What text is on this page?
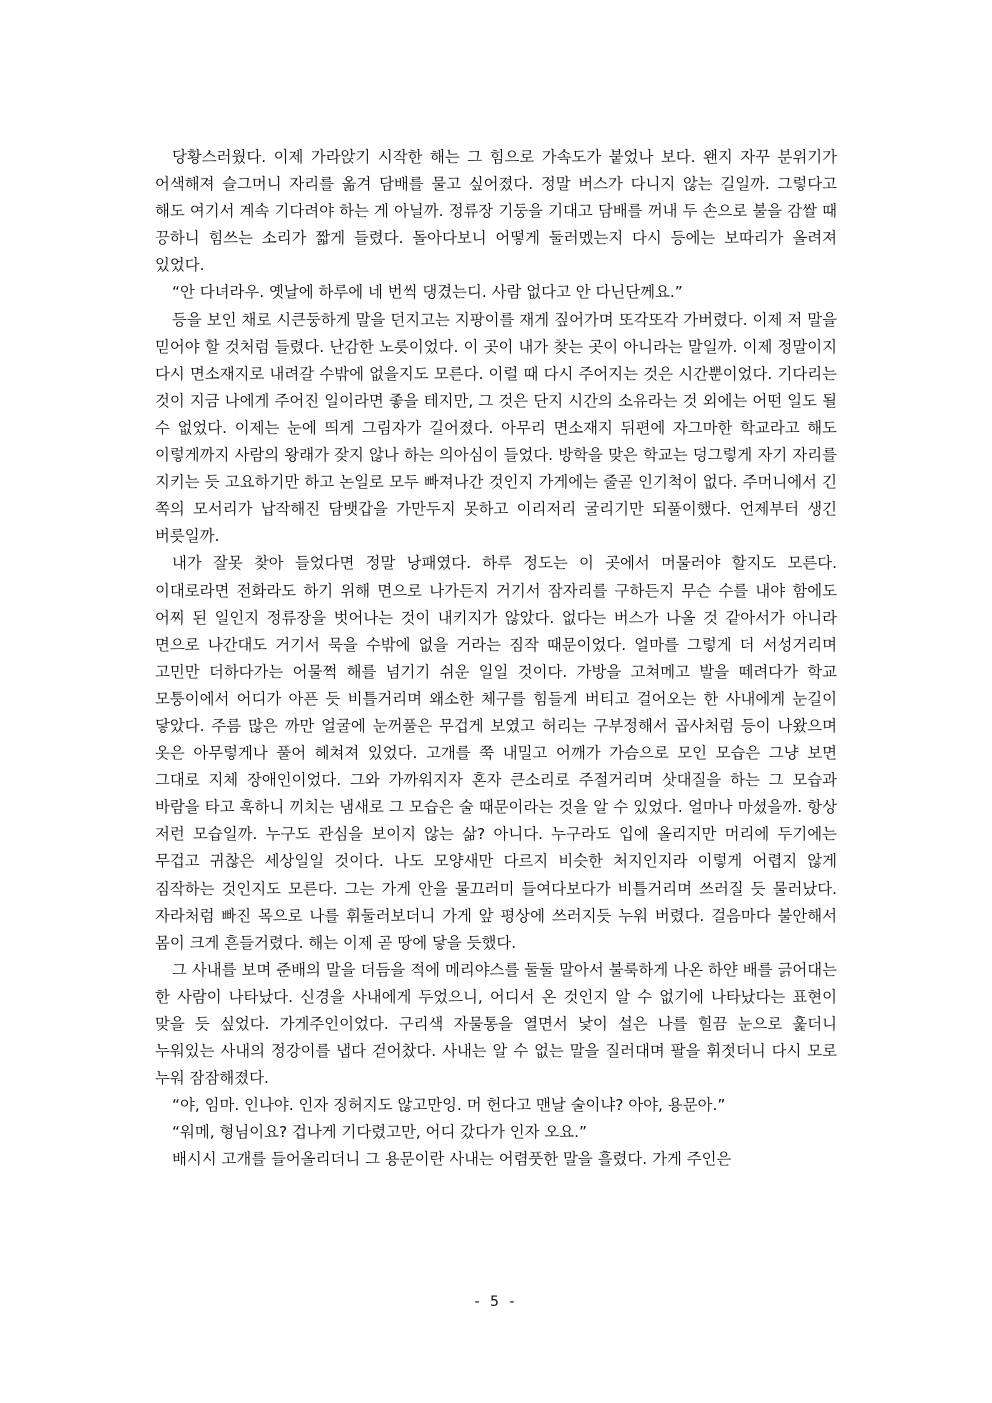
당황스러웠다. 이제 가라앉기 시작한 해는 그 힘으로 가속도가 붙었나 보다. 왠지 자꾸 분위기가 어색해져 슬그머니 자리를 옮겨 담배를 물고 싶어졌다. 정말 버스가 다니지 않는 길일까. 그렇다고 해도 여기서 계속 기다려야 하는 게 아닐까. 정류장 기둥을 기대고 담배를 꺼내 두 손으로 불을 감쌀 때 끙하니 힘쓰는 소리가 짧게 들렸다. 돌아다보니 어떻게 둘러멨는지 다시 등에는 보따리가 올려져 있었다.

“안 다녀라우. 옛날에 하루에 네 번씩 댕겼는디. 사람 없다고 안 다닌단께요.”

등을 보인 채로 시큰둥하게 말을 던지고는 지팡이를 재게 짚어가며 또각또각 가버렸다. 이제 저 말을 믿어야 할 것처럼 들렸다. 난감한 노릇이었다. 이 곳이 내가 찾는 곳이 아니라는 말일까. 이제 정말이지 다시 면소재지로 내려갈 수밖에 없을지도 모른다. 이럴 때 다시 주어지는 것은 시간뿐이었다. 기다리는 것이 지금 나에게 주어진 일이라면 좋을 테지만, 그 것은 단지 시간의 소유라는 것 외에는 어떤 일도 될 수 없었다. 이제는 눈에 띄게 그림자가 길어졌다. 아무리 면소재지 뒤편에 자그마한 학교라고 해도 이렇게까지 사람의 왕래가 잦지 않나 하는 의아심이 들었다. 방학을 맞은 학교는 덩그렇게 자기 자리를 지키는 듯 고요하기만 하고 논일로 모두 빠져나간 것인지 가게에는 줄곧 인기척이 없다. 주머니에서 긴 쪽의 모서리가 납작해진 담뱃갑을 가만두지 못하고 이리저리 굴리기만 되풀이했다. 언제부터 생긴 버릇일까.

내가 잘못 찾아 들었다면 정말 낭패였다. 하루 정도는 이 곳에서 머물러야 할지도 모른다. 이대로라면 전화라도 하기 위해 면으로 나가든지 거기서 잠자리를 구하든지 무슨 수를 내야 함에도 어찌 된 일인지 정류장을 벗어나는 것이 내키지가 않았다. 없다는 버스가 나올 것 같아서가 아니라 면으로 나간대도 거기서 묵을 수밖에 없을 거라는 짐작 때문이었다. 얼마를 그렇게 더 서성거리며 고민만 더하다가는 어물쩍 해를 넘기기 쉬운 일일 것이다. 가방을 고쳐메고 발을 떼려다가 학교 모퉁이에서 어디가 아픈 듯 비틀거리며 왜소한 체구를 힘들게 버티고 걸어오는 한 사내에게 눈길이 닿았다. 주름 많은 까만 얼굴에 눈꺼풀은 무겁게 보였고 허리는 구부정해서 곱사처럼 등이 나왔으며 옷은 아무렇게나 풀어 헤쳐져 있었다. 고개를 쭉 내밀고 어깨가 가슴으로 모인 모습은 그냥 보면 그대로 지체 장애인이었다. 그와 가까워지자 혼자 큰소리로 주절거리며 삿대질을 하는 그 모습과 바람을 타고 훅하니 끼치는 냄새로 그 모습은 술 때문이라는 것을 알 수 있었다. 얼마나 마셨을까. 항상 저런 모습일까. 누구도 관심을 보이지 않는 삶? 아니다. 누구라도 입에 올리지만 머리에 두기에는 무겁고 귀찮은 세상일일 것이다. 나도 모양새만 다르지 비슷한 처지인지라 이렇게 어렵지 않게 짐작하는 것인지도 모른다. 그는 가게 안을 물끄러미 들여다보다가 비틀거리며 쓰러질 듯 물러났다. 자라처럼 빠진 목으로 나를 휘둘러보더니 가게 앞 평상에 쓰러지듯 누워 버렸다. 걸음마다 불안해서 몸이 크게 흔들거렸다. 해는 이제 곧 땅에 닿을 듯했다.

그 사내를 보며 준배의 말을 더듬을 적에 메리야스를 둘둘 말아서 불룩하게 나온 하얀 배를 긁어대는 한 사람이 나타났다. 신경을 사내에게 두었으니, 어디서 온 것인지 알 수 없기에 나타났다는 표현이 맞을 듯 싶었다. 가게주인이었다. 구리색 자물통을 열면서 낯이 설은 나를 힐끔 눈으로 훑더니 누워있는 사내의 정강이를 냅다 걷어찼다. 사내는 알 수 없는 말을 질러대며 팔을 휘젓더니 다시 모로 누워 잠잠해졌다.

“야, 임마. 인나야. 인자 징허지도 않고만잉. 머 헌다고 맨날 술이냐? 아야, 용문아.”

“워메, 형님이요? 겁나게 기다렸고만, 어디 갔다가 인자 오요.”

배시시 고개를 들어올리더니 그 용문이란 사내는 어렴풋한 말을 흘렸다. 가게 주인은

- 5 -
